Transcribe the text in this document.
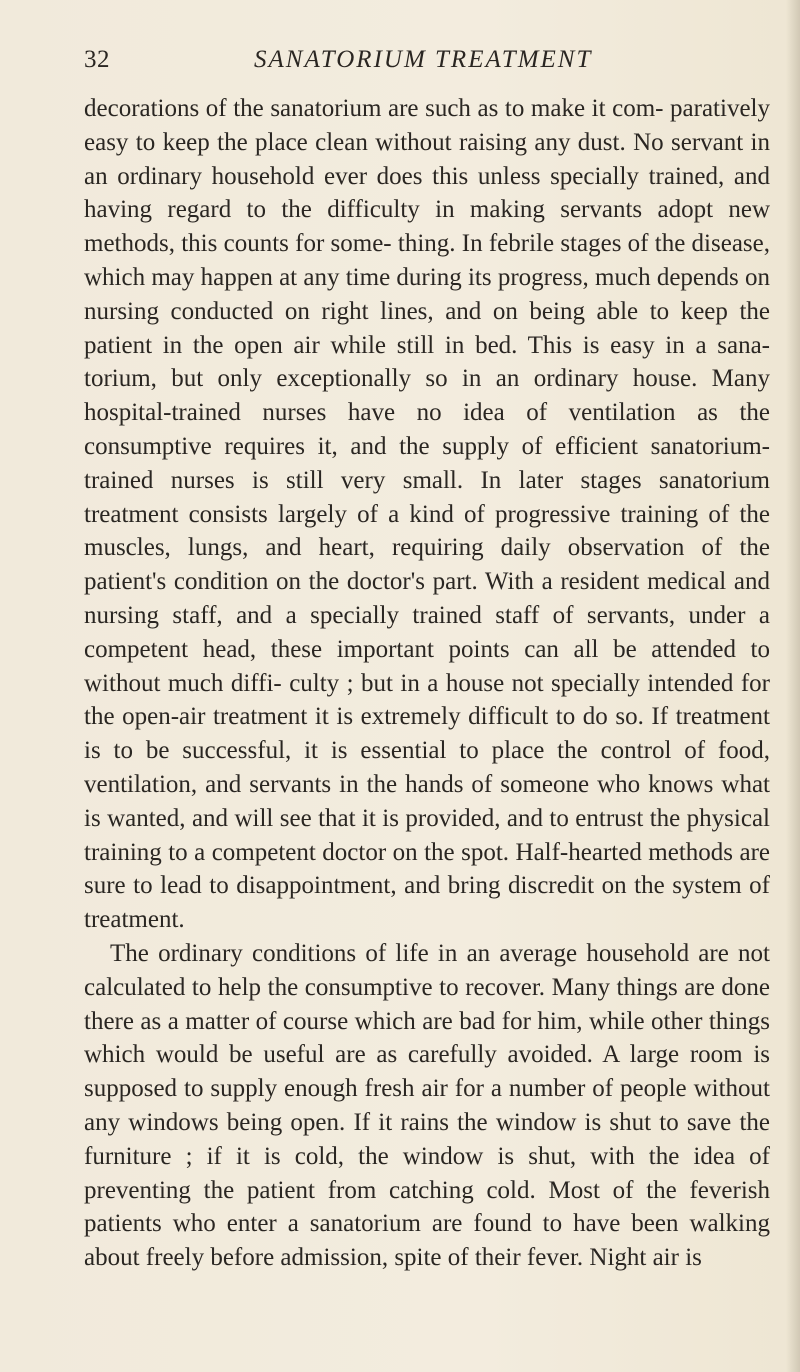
32	SANATORIUM TREATMENT

decorations of the sanatorium are such as to make it com- paratively easy to keep the place clean without raising any dust. No servant in an ordinary household ever does this unless specially trained, and having regard to the difficulty in making servants adopt new methods, this counts for some- thing. In febrile stages of the disease, which may happen at any time during its progress, much depends on nursing conducted on right lines, and on being able to keep the patient in the open air while still in bed. This is easy in a sana- torium, but only exceptionally so in an ordinary house. Many hospital-trained nurses have no idea of ventilation as the consumptive requires it, and the supply of efficient sanatorium-trained nurses is still very small. In later stages sanatorium treatment consists largely of a kind of progressive training of the muscles, lungs, and heart, requiring daily observation of the patient's condition on the doctor's part. With a resident medical and nursing staff, and a specially trained staff of servants, under a competent head, these important points can all be attended to without much diffi- culty ; but in a house not specially intended for the open-air treatment it is extremely difficult to do so. If treatment is to be successful, it is essential to place the control of food, ventilation, and servants in the hands of someone who knows what is wanted, and will see that it is provided, and to entrust the physical training to a competent doctor on the spot. Half-hearted methods are sure to lead to disappointment, and bring discredit on the system of treatment.

The ordinary conditions of life in an average household are not calculated to help the consumptive to recover. Many things are done there as a matter of course which are bad for him, while other things which would be useful are as carefully avoided. A large room is supposed to supply enough fresh air for a number of people without any windows being open. If it rains the window is shut to save the furniture ; if it is cold, the window is shut, with the idea of preventing the patient from catching cold. Most of the feverish patients who enter a sanatorium are found to have been walking about freely before admission, spite of their fever. Night air is
